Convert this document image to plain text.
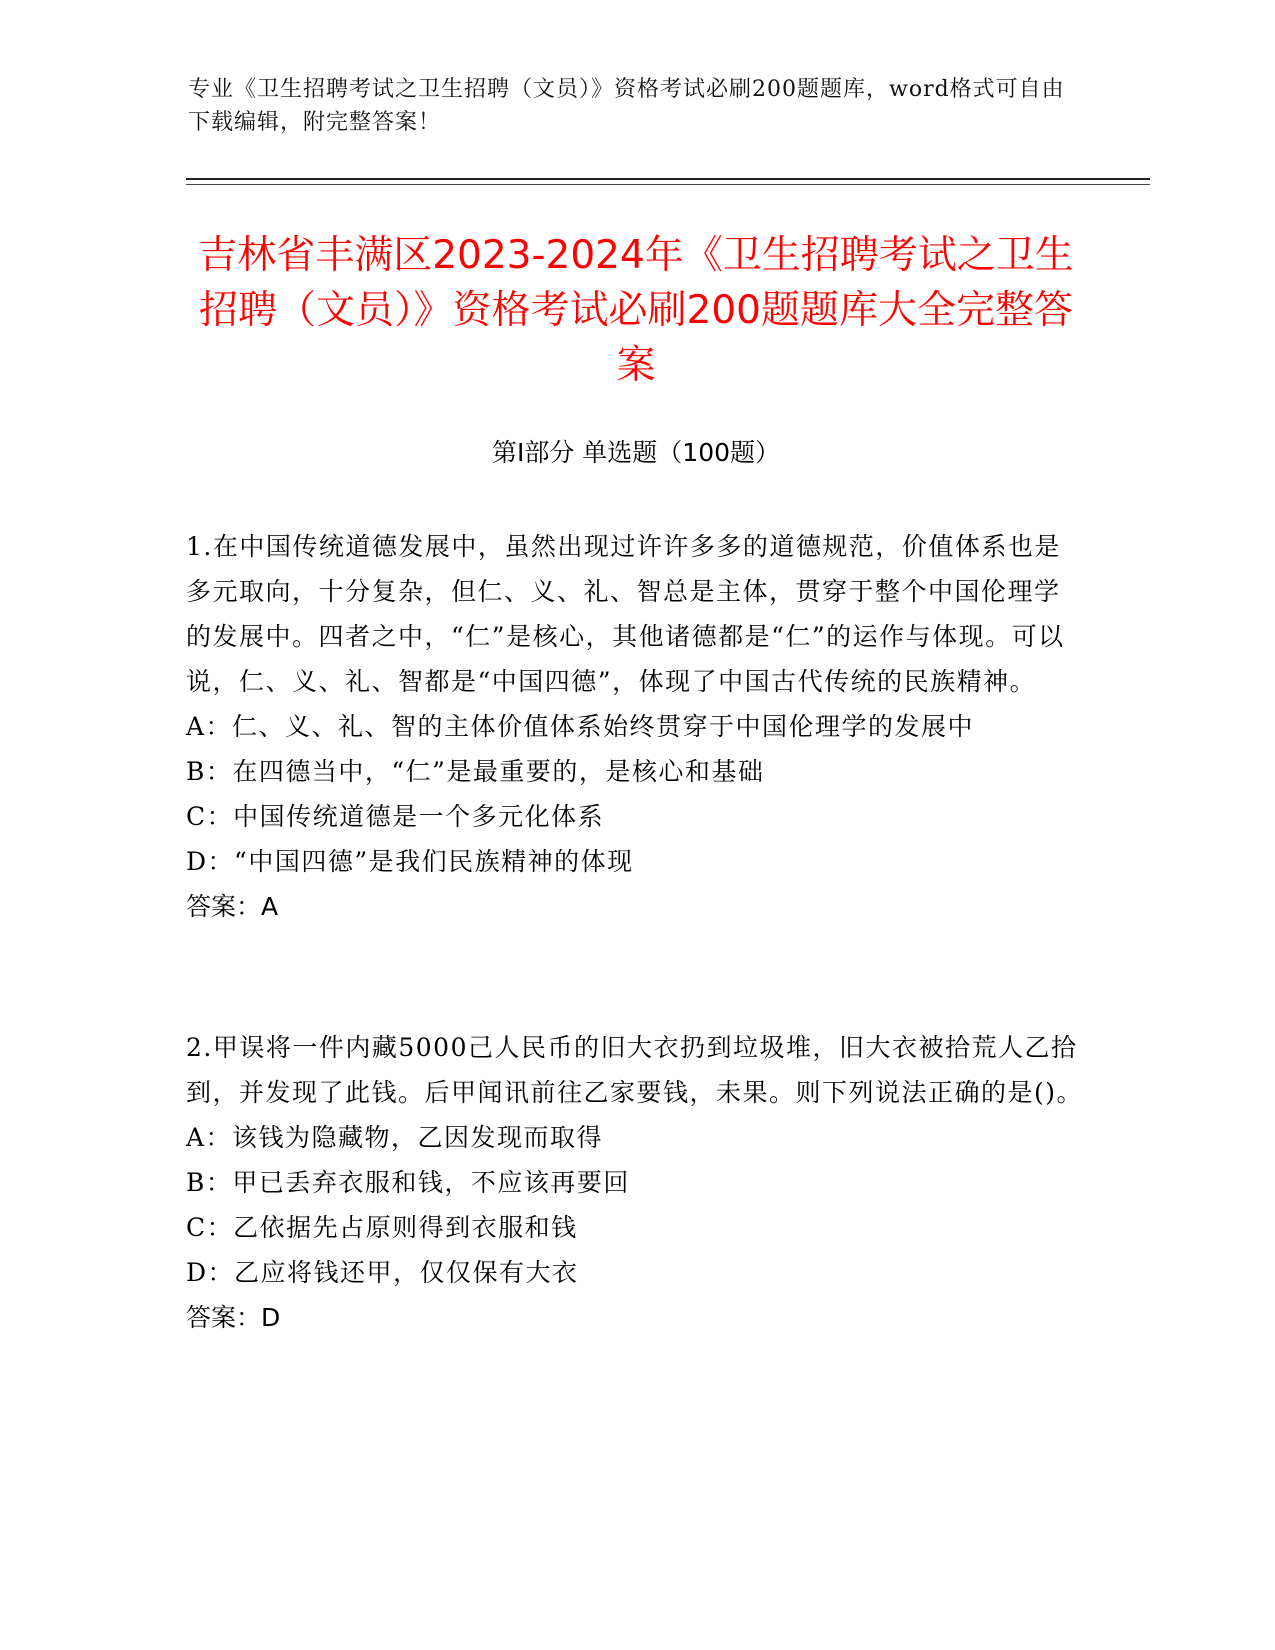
专业《卫生招聘考试之卫生招聘（文员）》资格考试必刷200题题库，word格式可自由下载编辑，附完整答案！
吉林省丰满区2023-2024年《卫生招聘考试之卫生招聘（文员）》资格考试必刷200题题库大全完整答案
第Ⅰ部分 单选题（100题）

1.在中国传统道德发展中，虽然出现过许许多多的道德规范，价值体系也是多元取向，十分复杂，但仁、义、礼、智总是主体，贯穿于整个中国伦理学的发展中。四者之中，“仁”是核心，其他诸德都是“仁”的运作与体现。可以说，仁、义、礼、智都是“中国四德”，体现了中国古代传统的民族精神。

A：仁、义、礼、智的主体价值体系始终贯穿于中国伦理学的发展中

B：在四德当中，“仁”是最重要的，是核心和基础

C：中国传统道德是一个多元化体系

D：“中国四德”是我们民族精神的体现

答案：A

2.甲误将一件内藏5000己人民币的旧大衣扔到垃圾堆，旧大衣被拾荒人乙拾到，并发现了此钱。后甲闻讯前往乙家要钱，未果。则下列说法正确的是()。

A：该钱为隐藏物，乙因发现而取得

B：甲已丢弃衣服和钱，不应该再要回

C：乙依据先占原则得到衣服和钱

D：乙应将钱还甲，仅仅保有大衣

答案：D
